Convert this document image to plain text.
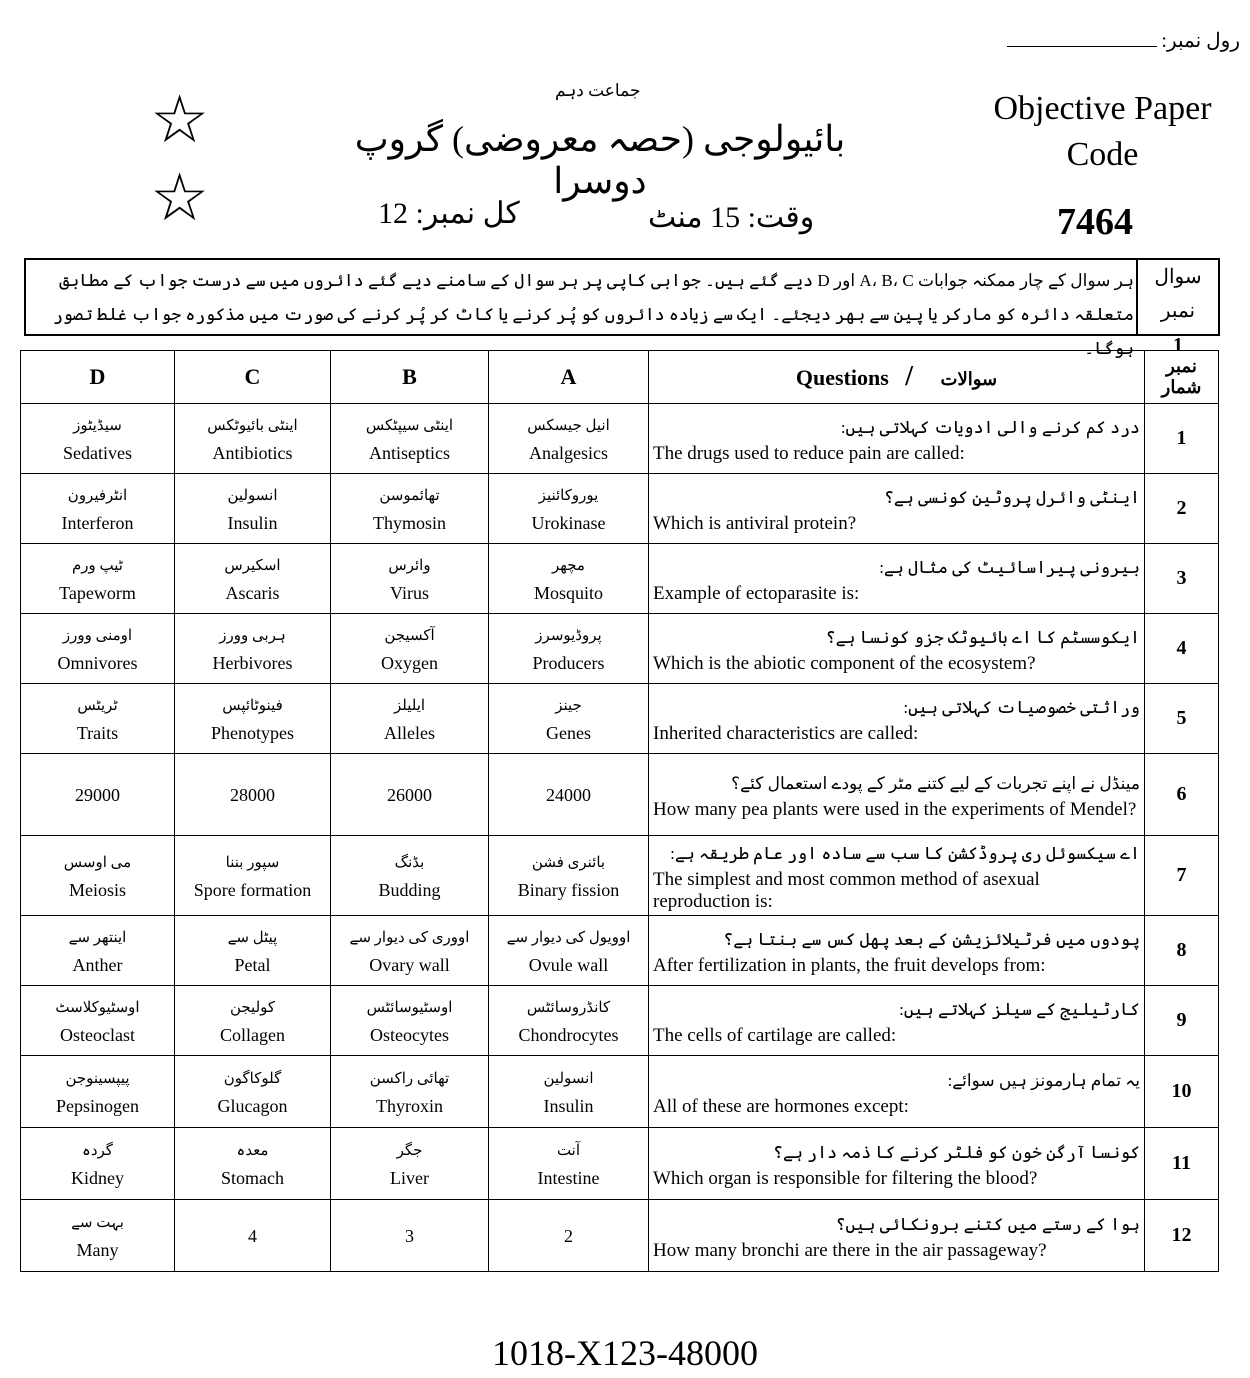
رول نمبر:
☆
☆
جماعت دہم
بائیولوجی (حصہ معروضی) گروپ دوسرا
وقت: 15 منٹ
کل نمبر: 12
Objective Paper
Code
7464
سوال نمبر
1
ہر سوال کے چار ممکنہ جوابات A، B، C اور D دیے گئے ہیں۔ جوابی کاپی پر ہر سوال کے سامنے دیے گئے دائروں میں سے درست جواب کے مطابق متعلقہ دائرہ کو مارکر یا پین سے بھر دیجئے۔ ایک سے زیادہ دائروں کو پُر کرنے یا کاٹ کر پُر کرنے کی صورت میں مذکورہ جواب غلط تصور ہوگا۔
D	C	B	A	Questions / سوالات	نمبر شمار

سیڈیٹوز
Sedatives	اینٹی بائیوٹکس
Antibiotics	اینٹی سیپٹکس
Antiseptics	انیل جیسکس
Analgesics	درد کم کرنے والی ادویات کہلاتی ہیں:
The drugs used to reduce pain are called:	1

انٹرفیرون
Interferon	انسولین
Insulin	تھائموسن
Thymosin	یوروکائنیز
Urokinase	اینٹی وائرل پروٹین کونسی ہے؟
Which is antiviral protein?	2

ٹیپ ورم
Tapeworm	اسکیرس
Ascaris	وائرس
Virus	مچھر
Mosquito	بیرونی پیراسائیٹ کی مثال ہے:
Example of ectoparasite is:	3

اومنی وورز
Omnivores	ہربی وورز
Herbivores	آکسیجن
Oxygen	پروڈیوسرز
Producers	ایکوسسٹم کا اے بائیوٹک جزو کونسا ہے؟
Which is the abiotic component of the ecosystem?	4

ٹریٹس
Traits	فینوٹائپس
Phenotypes	ایلیلز
Alleles	جینز
Genes	وراثتی خصوصیات کہلاتی ہیں:
Inherited characteristics are called:	5

29000	28000	26000	24000	مینڈل نے اپنے تجربات کے لیے کتنے مٹر کے پودے استعمال کئے؟
How many pea plants were used in the experiments of Mendel?	6

می اوسس
Meiosis	سپور بننا
Spore formation	بڈنگ
Budding	بائنری فشن
Binary fission	اے سیکسوئل ری پروڈکشن کا سب سے سادہ اور عام طریقہ ہے:
The simplest and most common method of asexual reproduction is:	7

اینتھر سے
Anther	پیٹل سے
Petal	اووری کی دیوار سے
Ovary wall	اوویول کی دیوار سے
Ovule wall	پودوں میں فرٹیلائزیشن کے بعد پھل کس سے بنتا ہے؟
After fertilization in plants, the fruit develops from:	8

اوسٹیوکلاسٹ
Osteoclast	کولیجن
Collagen	اوسٹیوسائٹس
Osteocytes	کانڈروسائٹس
Chondrocytes	کارٹیلیج کے سیلز کہلاتے ہیں:
The cells of cartilage are called:	9

پیپسینوجن
Pepsinogen	گلوکاگون
Glucagon	تھائی راکسن
Thyroxin	انسولین
Insulin	یہ تمام ہارمونز ہیں سوائے:
All of these are hormones except:	10

گردہ
Kidney	معدہ
Stomach	جگر
Liver	آنت
Intestine	کونسا آرگن خون کو فلٹر کرنے کا ذمہ دار ہے؟
Which organ is responsible for filtering the blood?	11

بہت سے
Many	4	3	2	ہوا کے رستے میں کتنے برونکائی ہیں؟
How many bronchi are there in the air passageway?	12
1018-X123-48000
